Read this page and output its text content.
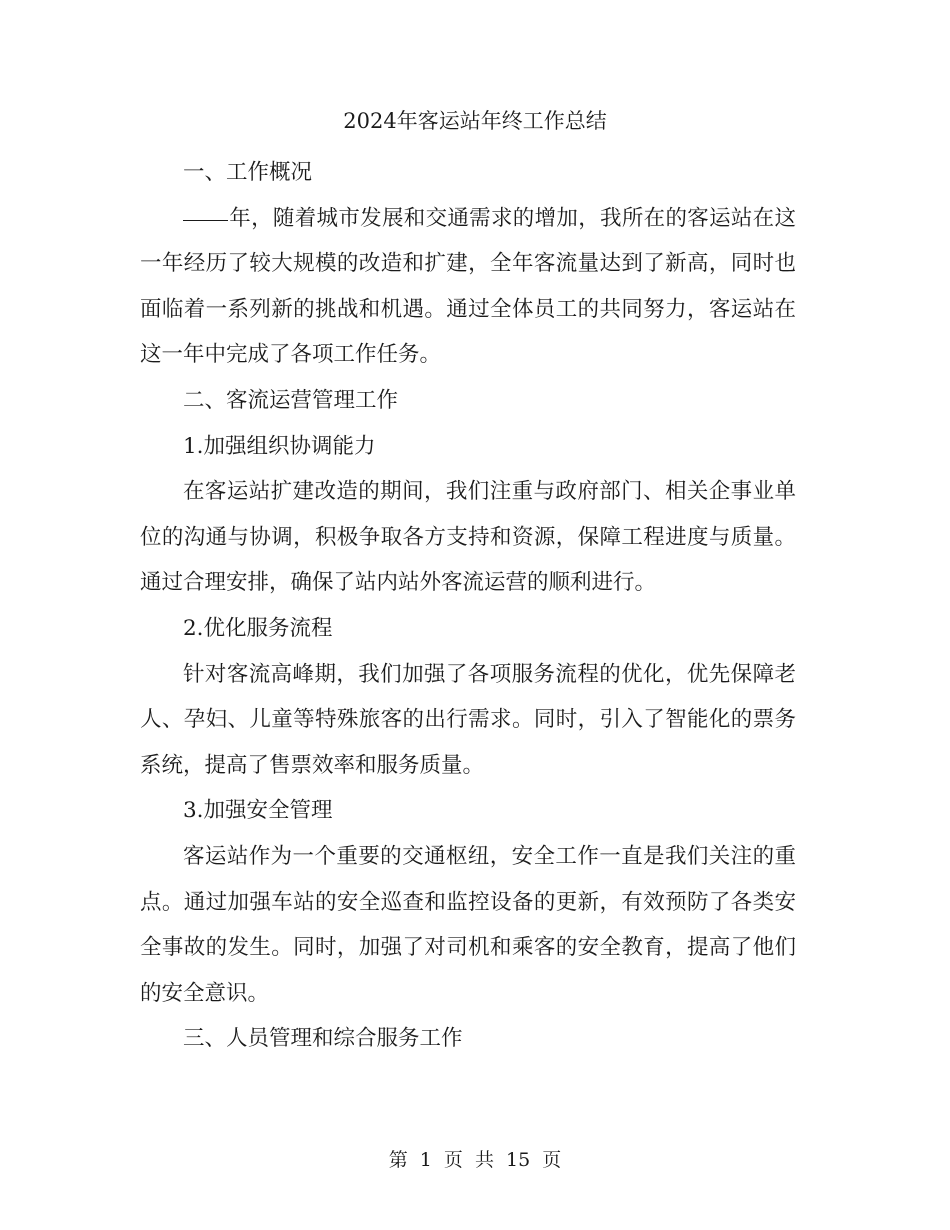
2024年客运站年终工作总结

一、工作概况

年，随着城市发展和交通需求的增加，我所在的客运站在这一年经历了较大规模的改造和扩建，全年客流量达到了新高，同时也面临着一系列新的挑战和机遇。通过全体员工的共同努力，客运站在这一年中完成了各项工作任务。

二、客流运营管理工作

1.加强组织协调能力

在客运站扩建改造的期间，我们注重与政府部门、相关企事业单位的沟通与协调，积极争取各方支持和资源，保障工程进度与质量。通过合理安排，确保了站内站外客流运营的顺利进行。

2.优化服务流程

针对客流高峰期，我们加强了各项服务流程的优化，优先保障老人、孕妇、儿童等特殊旅客的出行需求。同时，引入了智能化的票务系统，提高了售票效率和服务质量。

3.加强安全管理

客运站作为一个重要的交通枢纽，安全工作一直是我们关注的重点。通过加强车站的安全巡查和监控设备的更新，有效预防了各类安全事故的发生。同时，加强了对司机和乘客的安全教育，提高了他们的安全意识。

三、人员管理和综合服务工作

第 1 页 共 15 页
